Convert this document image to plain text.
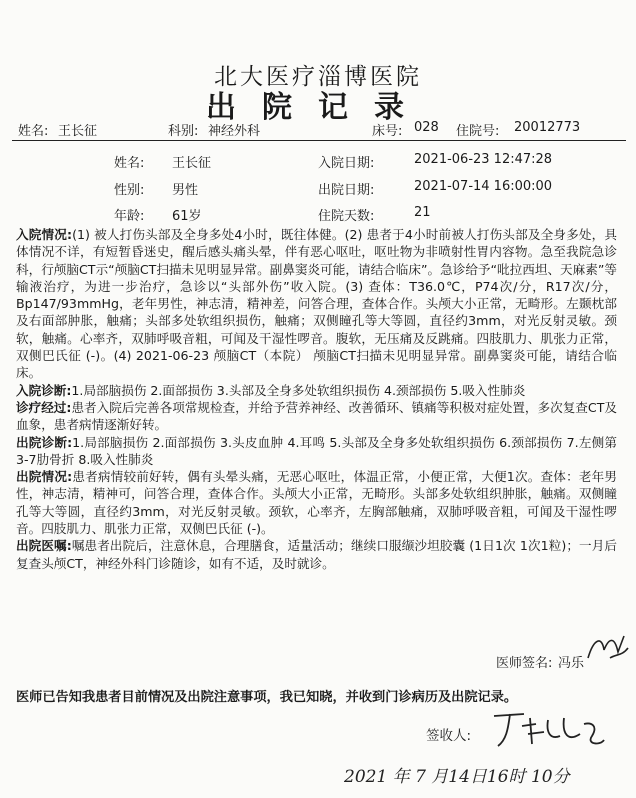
北大医疗淄博医院
出院记录
姓名: 王长征	科别: 神经外科	床号: 028 住院号: 20012773
姓名: 王长征
性别: 男性
年龄: 61岁
入院日期:	2021-06-23 12:47:28
出院日期:	2021-07-14 16:00:00
住院天数:	21

入院情况:(1) 被人打伤头部及全身多处4小时，既往体健。(2) 患者于4小时前被人打伤头部及全身多处，具体情况不详，有短暂昏迷史，醒后感头痛头晕，伴有恶心呕吐，呕吐物为非喷射性胃内容物。急至我院急诊科，行颅脑CT示“颅脑CT扫描未见明显异常。副鼻窦炎可能，请结合临床”。急诊给予“吡拉西坦、天麻素”等输液治疗，为进一步治疗，急诊以“头部外伤”收入院。(3) 查体：T36.0℃，P74次/分，R17次/分，Bp147/93mmHg，老年男性，神志清，精神差，问答合理，查体合作。头颅大小正常，无畸形。左颞枕部及右面部肿胀，触痛；头部多处软组织损伤，触痛；双侧瞳孔等大等圆，直径约3mm，对光反射灵敏。颈软，触痛。心率齐，双肺呼吸音粗，可闻及干湿性啰音。腹软，无压痛及反跳痛。四肢肌力、肌张力正常，双侧巴氏征 (-)。(4) 2021-06-23 颅脑CT（本院） 颅脑CT扫描未见明显异常。副鼻窦炎可能，请结合临床。

入院诊断:1.局部脑损伤 2.面部损伤 3.头部及全身多处软组织损伤 4.颈部损伤 5.吸入性肺炎

诊疗经过:患者入院后完善各项常规检查，并给予营养神经、改善循环、镇痛等积极对症处置，多次复查CT及血象，患者病情逐渐好转。

出院诊断:1.局部脑损伤 2.面部损伤 3.头皮血肿 4.耳鸣 5.头部及全身多处软组织损伤 6.颈部损伤 7.左侧第3-7肋骨折 8.吸入性肺炎

出院情况:患者病情较前好转，偶有头晕头痛，无恶心呕吐，体温正常，小便正常，大便1次。查体：老年男性，神志清，精神可，问答合理，查体合作。头颅大小正常，无畸形。头部多处软组织肿胀，触痛。双侧瞳孔等大等圆，直径约3mm，对光反射灵敏。颈软，心率齐，左胸部触痛，双肺呼吸音粗，可闻及干湿性啰音。四肢肌力、肌张力正常，双侧巴氏征 (-)。

出院医嘱:嘱患者出院后，注意休息，合理膳食，适量活动；继续口服缬沙坦胶囊 (1日1次 1次1粒)；一月后复查头颅CT，神经外科门诊随诊，如有不适，及时就诊。

医师签名: 冯乐
医师已告知我患者目前情况及出院注意事项，我已知晓，并收到门诊病历及出院记录。
签收人:
2021 年 7 月14日16时 10分
